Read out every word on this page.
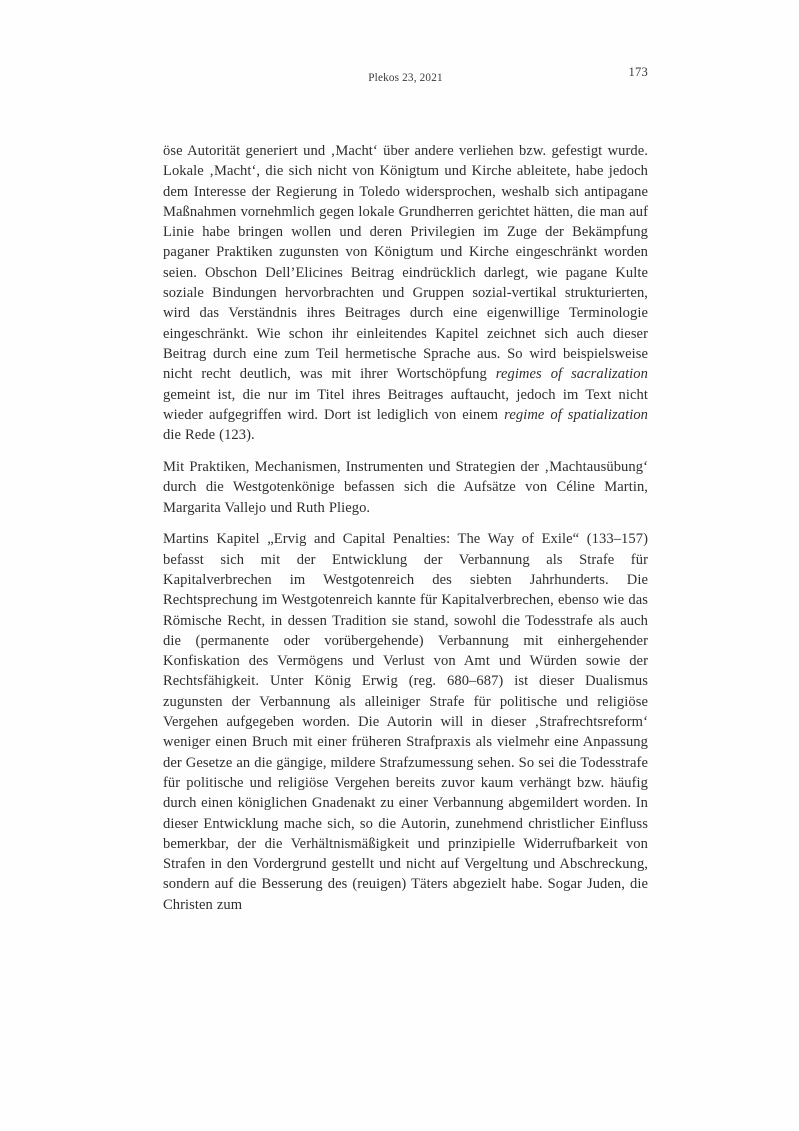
Plekos 23, 2021	173

öse Autorität generiert und ‚Macht‘ über andere verliehen bzw. gefestigt wurde. Lokale ‚Macht‘, die sich nicht von Königtum und Kirche ableitete, habe jedoch dem Interesse der Regierung in Toledo widersprochen, weshalb sich antipagane Maßnahmen vornehmlich gegen lokale Grundherren gerichtet hätten, die man auf Linie habe bringen wollen und deren Privilegien im Zuge der Bekämpfung paganer Praktiken zugunsten von Königtum und Kirche eingeschränkt worden seien. Obschon Dell’Elicines Beitrag eindrücklich darlegt, wie pagane Kulte soziale Bindungen hervorbrachten und Gruppen sozial-vertikal strukturierten, wird das Verständnis ihres Beitrages durch eine eigenwillige Terminologie eingeschränkt. Wie schon ihr einleitendes Kapitel zeichnet sich auch dieser Beitrag durch eine zum Teil hermetische Sprache aus. So wird beispielsweise nicht recht deutlich, was mit ihrer Wortschöpfung regimes of sacralization gemeint ist, die nur im Titel ihres Beitrages auftaucht, jedoch im Text nicht wieder aufgegriffen wird. Dort ist lediglich von einem regime of spatialization die Rede (123).

Mit Praktiken, Mechanismen, Instrumenten und Strategien der ‚Machtausübung‘ durch die Westgotenkönige befassen sich die Aufsätze von Céline Martin, Margarita Vallejo und Ruth Pliego.

Martins Kapitel „Ervig and Capital Penalties: The Way of Exile“ (133–157) befasst sich mit der Entwicklung der Verbannung als Strafe für Kapitalverbrechen im Westgotenreich des siebten Jahrhunderts. Die Rechtsprechung im Westgotenreich kannte für Kapitalverbrechen, ebenso wie das Römische Recht, in dessen Tradition sie stand, sowohl die Todesstrafe als auch die (permanente oder vorübergehende) Verbannung mit einhergehender Konfiskation des Vermögens und Verlust von Amt und Würden sowie der Rechtsfähigkeit. Unter König Erwig (reg. 680–687) ist dieser Dualismus zugunsten der Verbannung als alleiniger Strafe für politische und religiöse Vergehen aufgegeben worden. Die Autorin will in dieser ‚Strafrechtsreform‘ weniger einen Bruch mit einer früheren Strafpraxis als vielmehr eine Anpassung der Gesetze an die gängige, mildere Strafzumessung sehen. So sei die Todesstrafe für politische und religiöse Vergehen bereits zuvor kaum verhängt bzw. häufig durch einen königlichen Gnadenakt zu einer Verbannung abgemildert worden. In dieser Entwicklung mache sich, so die Autorin, zunehmend christlicher Einfluss bemerkbar, der die Verhältnismäßigkeit und prinzipielle Widerrufbarkeit von Strafen in den Vordergrund gestellt und nicht auf Vergeltung und Abschreckung, sondern auf die Besserung des (reuigen) Täters abgezielt habe. Sogar Juden, die Christen zum
